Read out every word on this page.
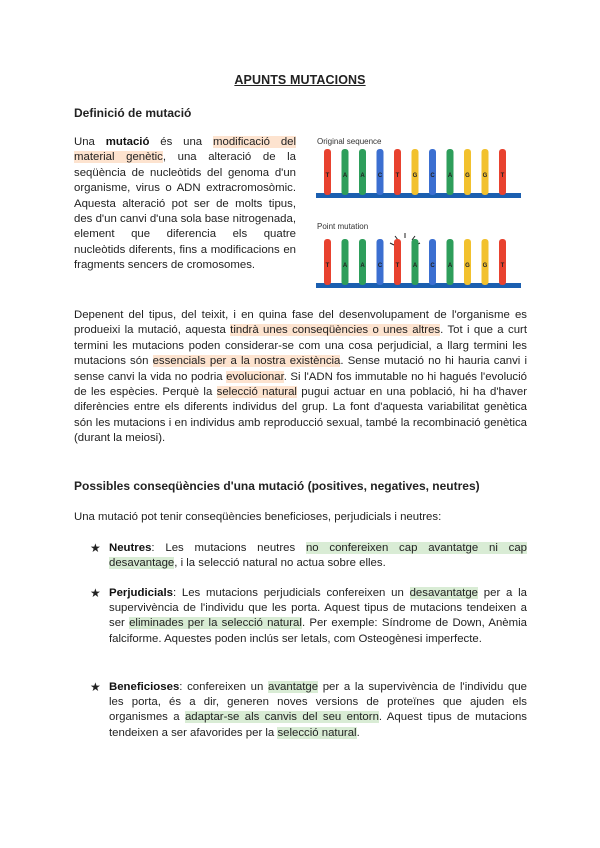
APUNTS MUTACIONS
Definició de mutació
Una mutació és una modificació del material genètic, una alteració de la seqüència de nucleòtids del genoma d'un organisme, virus o ADN extracromosòmic. Aquesta alteració pot ser de molts tipus, des d'un canvi d'una sola base nitrogenada, element que diferencia els quatre nucleòtids diferents, fins a modificacions en fragments sencers de cromosomes.
Original sequence
T A A C T G C A G G T
Point mutation
T A A C T A C A G G T
Depenent del tipus, del teixit, i en quina fase del desenvolupament de l'organisme es produeixi la mutació, aquesta tindrà unes conseqüències o unes altres. Tot i que a curt termini les mutacions poden considerar-se com una cosa perjudicial, a llarg termini les mutacions són essencials per a la nostra existència. Sense mutació no hi hauria canvi i sense canvi la vida no podria evolucionar. Si l'ADN fos immutable no hi hagués l'evolució de les espècies. Perquè la selecció natural pugui actuar en una població, hi ha d'haver diferències entre els diferents individus del grup. La font d'aquesta variabilitat genètica són les mutacions i en individus amb reproducció sexual, també la recombinació genètica (durant la meiosi).
Possibles conseqüències d'una mutació (positives, negatives, neutres)
Una mutació pot tenir conseqüències beneficioses, perjudicials i neutres:
★ Neutres: Les mutacions neutres no confereixen cap avantatge ni cap desavantage, i la selecció natural no actua sobre elles.
★ Perjudicials: Les mutacions perjudicials confereixen un desavantatge per a la supervivència de l'individu que les porta. Aquest tipus de mutacions tendeixen a ser eliminades per la selecció natural. Per exemple: Síndrome de Down, Anèmia falciforme. Aquestes poden inclús ser letals, com Osteogènesi imperfecte.
★ Beneficioses: confereixen un avantatge per a la supervivència de l'individu que les porta, és a dir, generen noves versions de proteïnes que ajuden els organismes a adaptar-se als canvis del seu entorn. Aquest tipus de mutacions tendeixen a ser afavorides per la selecció natural.
